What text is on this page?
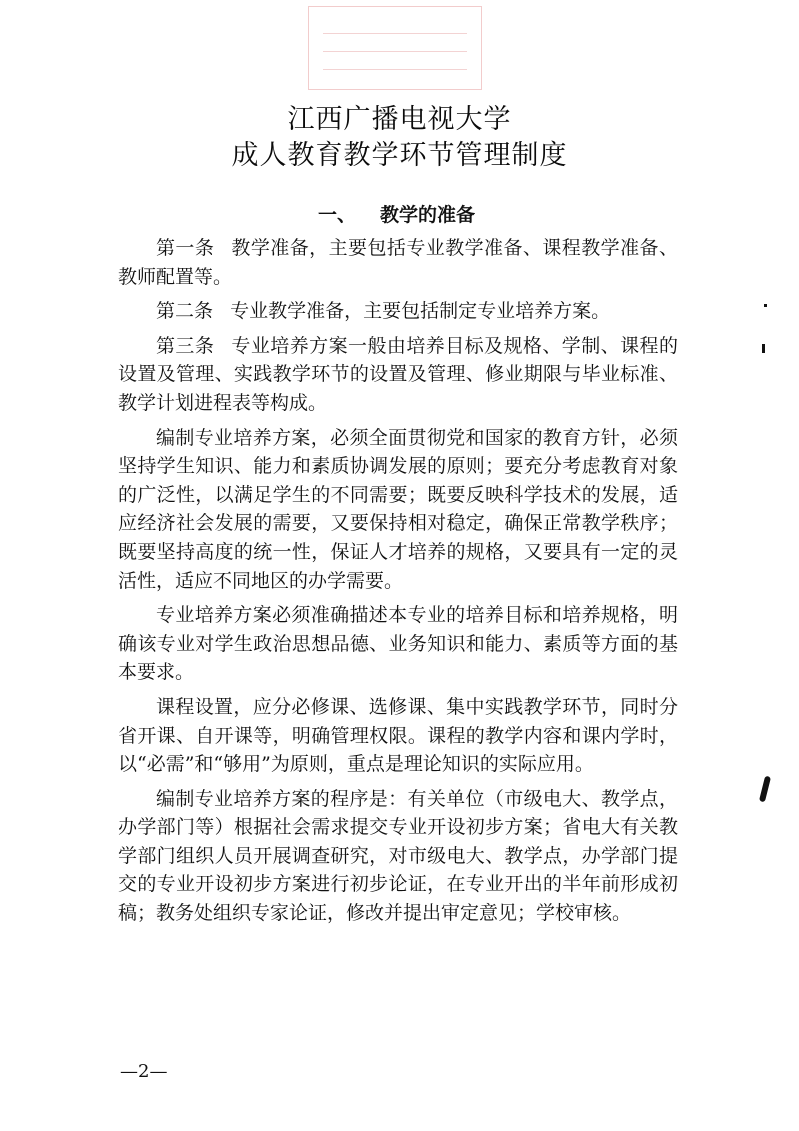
江西广播电视大学
成人教育教学环节管理制度
一、 教学的准备

第一条 教学准备，主要包括专业教学准备、课程教学准备、教师配置等。

第二条 专业教学准备，主要包括制定专业培养方案。

第三条 专业培养方案一般由培养目标及规格、学制、课程的设置及管理、实践教学环节的设置及管理、修业期限与毕业标准、教学计划进程表等构成。

编制专业培养方案，必须全面贯彻党和国家的教育方针，必须坚持学生知识、能力和素质协调发展的原则；要充分考虑教育对象的广泛性，以满足学生的不同需要；既要反映科学技术的发展，适应经济社会发展的需要，又要保持相对稳定，确保正常教学秩序；既要坚持高度的统一性，保证人才培养的规格，又要具有一定的灵活性，适应不同地区的办学需要。

专业培养方案必须准确描述本专业的培养目标和培养规格，明确该专业对学生政治思想品德、业务知识和能力、素质等方面的基本要求。

课程设置，应分必修课、选修课、集中实践教学环节，同时分省开课、自开课等，明确管理权限。课程的教学内容和课内学时，以“必需”和“够用”为原则，重点是理论知识的实际应用。

编制专业培养方案的程序是：有关单位（市级电大、教学点，办学部门等）根据社会需求提交专业开设初步方案；省电大有关教学部门组织人员开展调查研究，对市级电大、教学点，办学部门提交的专业开设初步方案进行初步论证，在专业开出的半年前形成初稿；教务处组织专家论证，修改并提出审定意见；学校审核。

—2—
